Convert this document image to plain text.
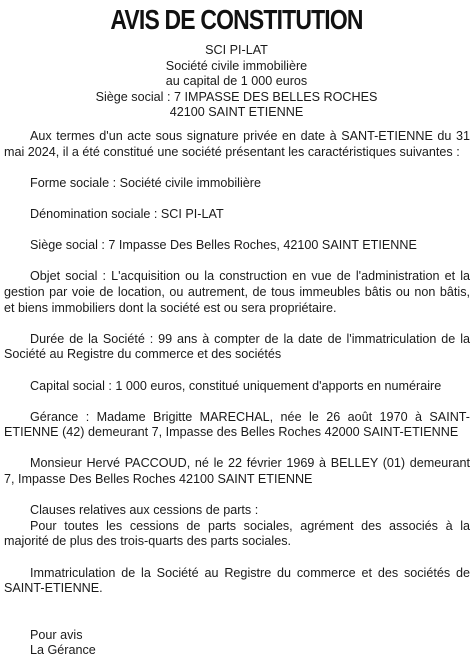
AVIS DE CONSTITUTION
SCI PI-LAT
Société civile immobilière
au capital de 1 000 euros
Siège social : 7 IMPASSE DES BELLES ROCHES
42100 SAINT ETIENNE

Aux termes d'un acte sous signature privée en date à SANT-ETIENNE du 31 mai 2024, il a été constitué une société présentant les caractéristiques suivantes :

Forme sociale : Société civile immobilière

Dénomination sociale : SCI PI-LAT

Siège social : 7 Impasse Des Belles Roches, 42100 SAINT ETIENNE

Objet social : L'acquisition ou la construction en vue de l'administration et la gestion par voie de location, ou autrement, de tous immeubles bâtis ou non bâtis, et biens immobiliers dont la société est ou sera propriétaire.

Durée de la Société : 99 ans à compter de la date de l'immatriculation de la Société au Registre du commerce et des sociétés

Capital social : 1 000 euros, constitué uniquement d'apports en numéraire

Gérance : Madame Brigitte MARECHAL, née le 26 août 1970 à SAINT-ETIENNE (42) demeurant 7, Impasse des Belles Roches 42000 SAINT-ETIENNE

Monsieur Hervé PACCOUD, né le 22 février 1969 à BELLEY (01) demeurant 7, Impasse Des Belles Roches 42100 SAINT ETIENNE

Clauses relatives aux cessions de parts :

Pour toutes les cessions de parts sociales, agrément des associés à la majorité de plus des trois-quarts des parts sociales.

Immatriculation de la Société au Registre du commerce et des sociétés de SAINT-ETIENNE.

Pour avis
La Gérance
